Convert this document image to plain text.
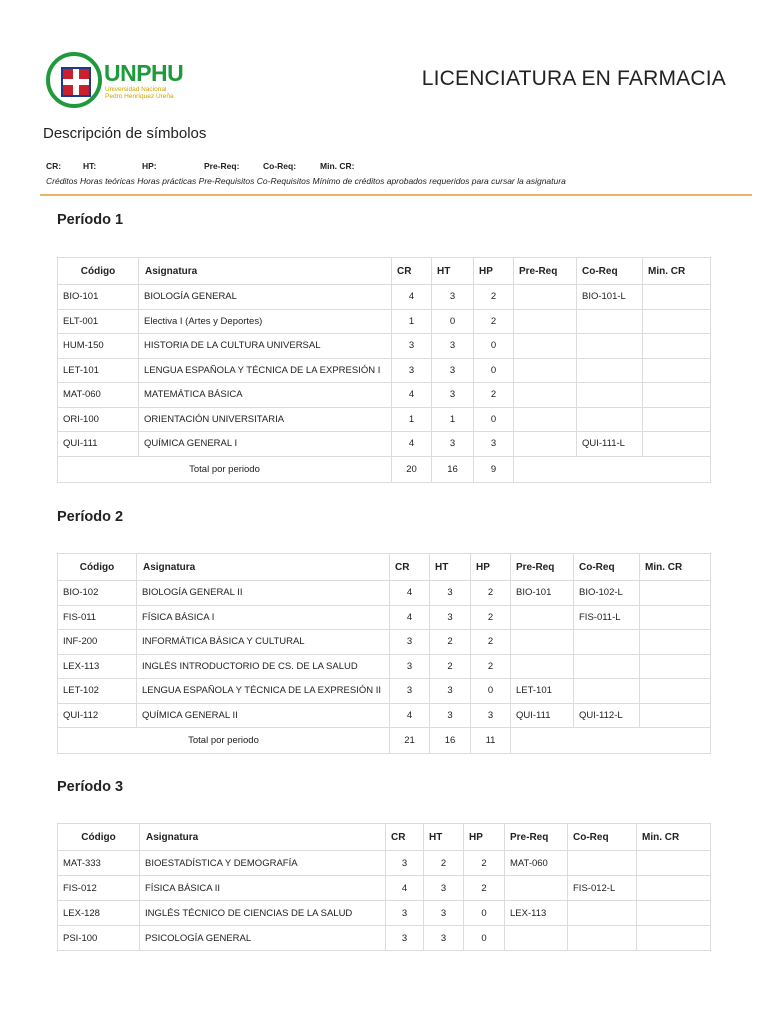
UNPHU
Universidad Nacional
Pedro Henríquez Ureña
LICENCIATURA EN FARMACIA
Descripción de símbolos
CR:	HT:	HP:	Pre-Req:	Co-Req:	Min. CR:
Créditos Horas teóricas Horas prácticas Pre-Requisitos Co-Requisitos Mínimo de créditos aprobados requeridos para cursar la asignatura
Período 1
Código	Asignatura	CR	HT	HP	Pre-Req	Co-Req	Min. CR
BIO-101	BIOLOGÍA GENERAL	4	3	2		BIO-101-L	
ELT-001	Electiva I (Artes y Deportes)	1	0	2			
HUM-150	HISTORIA DE LA CULTURA UNIVERSAL	3	3	0			
LET-101	LENGUA ESPAÑOLA Y TÉCNICA DE LA EXPRESIÓN I	3	3	0			
MAT-060	MATEMÁTICA BÁSICA	4	3	2			
ORI-100	ORIENTACIÓN UNIVERSITARIA	1	1	0			
QUI-111	QUÍMICA GENERAL I	4	3	3		QUI-111-L	
Total por periodo		20	16	9			
Período 2
Código	Asignatura	CR	HT	HP	Pre-Req	Co-Req	Min. CR
BIO-102	BIOLOGÍA GENERAL II	4	3	2	BIO-101	BIO-102-L	
FIS-011	FÍSICA BÁSICA I	4	3	2		FIS-011-L	
INF-200	INFORMÁTICA BÁSICA Y CULTURAL	3	2	2			
LEX-113	INGLÉS INTRODUCTORIO DE CS. DE LA SALUD	3	2	2			
LET-102	LENGUA ESPAÑOLA Y TÉCNICA DE LA EXPRESIÓN II	3	3	0	LET-101		
QUI-112	QUÍMICA GENERAL II	4	3	3	QUI-111	QUI-112-L	
Total por periodo		21	16	11			
Período 3
Código	Asignatura	CR	HT	HP	Pre-Req	Co-Req	Min. CR
MAT-333	BIOESTADÍSTICA Y DEMOGRAFÍA	3	2	2	MAT-060		
FIS-012	FÍSICA BÁSICA II	4	3	2		FIS-012-L	
LEX-128	INGLÉS TÉCNICO DE CIENCIAS DE LA SALUD	3	3	0	LEX-113		
PSI-100	PSICOLOGÍA GENERAL	3	3	0			
